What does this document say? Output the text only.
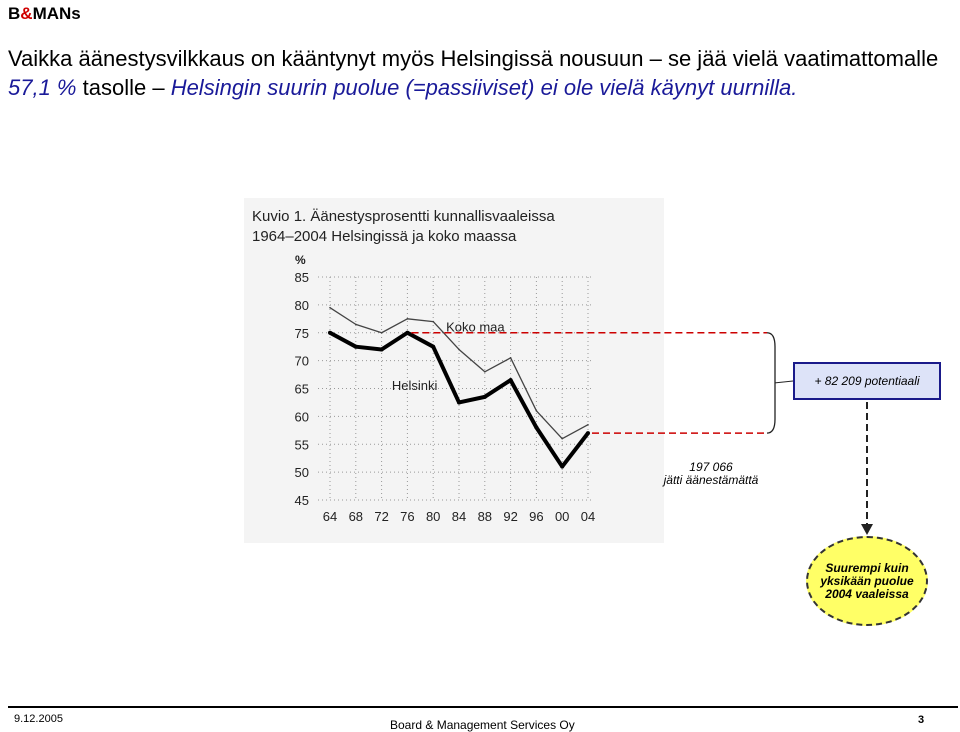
B&MANs
Vaikka äänestysvilkkaus on kääntynyt myös Helsingissä nousuun – se jää vielä vaatimattomalle 57,1 % tasolle – Helsingin suurin puolue (=passiiviset) ei ole vielä käynyt uurnilla.
Kuvio 1. Äänestysprosentti kunnallisvaaleissa
1964–2004 Helsingissä ja koko maassa
%
85
80
75
70
65
60
55
50
45
64 68 72 76 80 84 88 92 96 00 04
Koko maa
Helsinki	+ 82 209 potentiaali
197 066
jätti äänestämättä
Suurempi kuin yksikään puolue 2004 vaaleissa
9.12.2005	Board & Management Services Oy	3
